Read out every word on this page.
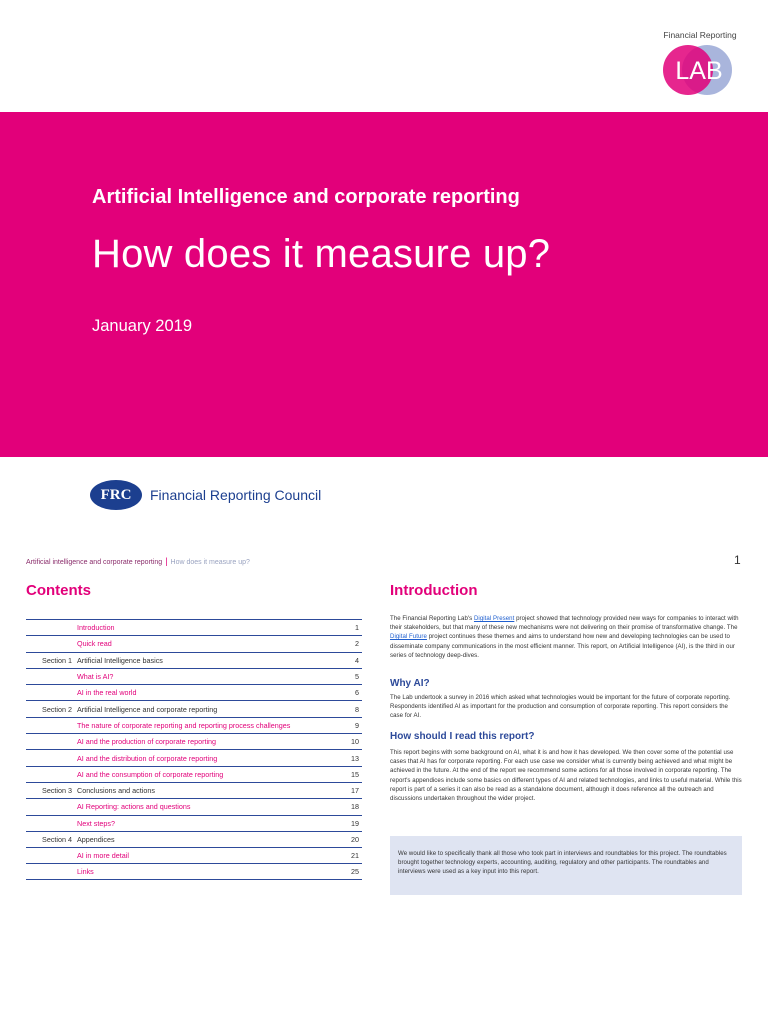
Financial Reporting
LAB
Artificial Intelligence and corporate reporting
How does it measure up?
January 2019
FRC	Financial Reporting Council
Artificial intelligence and corporate reporting | How does it measure up?	1
Contents
Introduction	1
Quick read	2
Section 1 Artificial Intelligence basics	4
What is AI?	5
AI in the real world	6
Section 2 Artificial Intelligence and corporate reporting	8
The nature of corporate reporting and reporting process challenges	9
AI and the production of corporate reporting	10
AI and the distribution of corporate reporting	13
AI and the consumption of corporate reporting	15
Section 3 Conclusions and actions	17
AI Reporting: actions and questions	18
Next steps?	19
Section 4 Appendices	20
AI in more detail	21
Links	25
Introduction
The Financial Reporting Lab's Digital Present project showed that technology provided new ways for companies to interact with their stakeholders, but that many of these new mechanisms were not delivering on their promise of transformative change. The Digital Future project continues these themes and aims to understand how new and developing technologies can be used to disseminate company communications in the most efficient manner. This report, on Artificial Intelligence (AI), is the third in our series of technology deep-dives.
Why AI?
The Lab undertook a survey in 2016 which asked what technologies would be important for the future of corporate reporting. Respondents identified AI as important for the production and consumption of corporate reporting. This report considers the case for AI.
How should I read this report?
This report begins with some background on AI, what it is and how it has developed. We then cover some of the potential use cases that AI has for corporate reporting. For each use case we consider what is currently being achieved and what might be achieved in the future. At the end of the report we recommend some actions for all those involved in corporate reporting. The report's appendices include some basics on different types of AI and related technologies, and links to useful material. While this report is part of a series it can also be read as a standalone document, although it does reference all the outreach and discussions undertaken throughout the wider project.
We would like to specifically thank all those who took part in interviews and roundtables for this project. The roundtables brought together technology experts, accounting, auditing, regulatory and other participants. The roundtables and interviews were used as a key input into this report.
